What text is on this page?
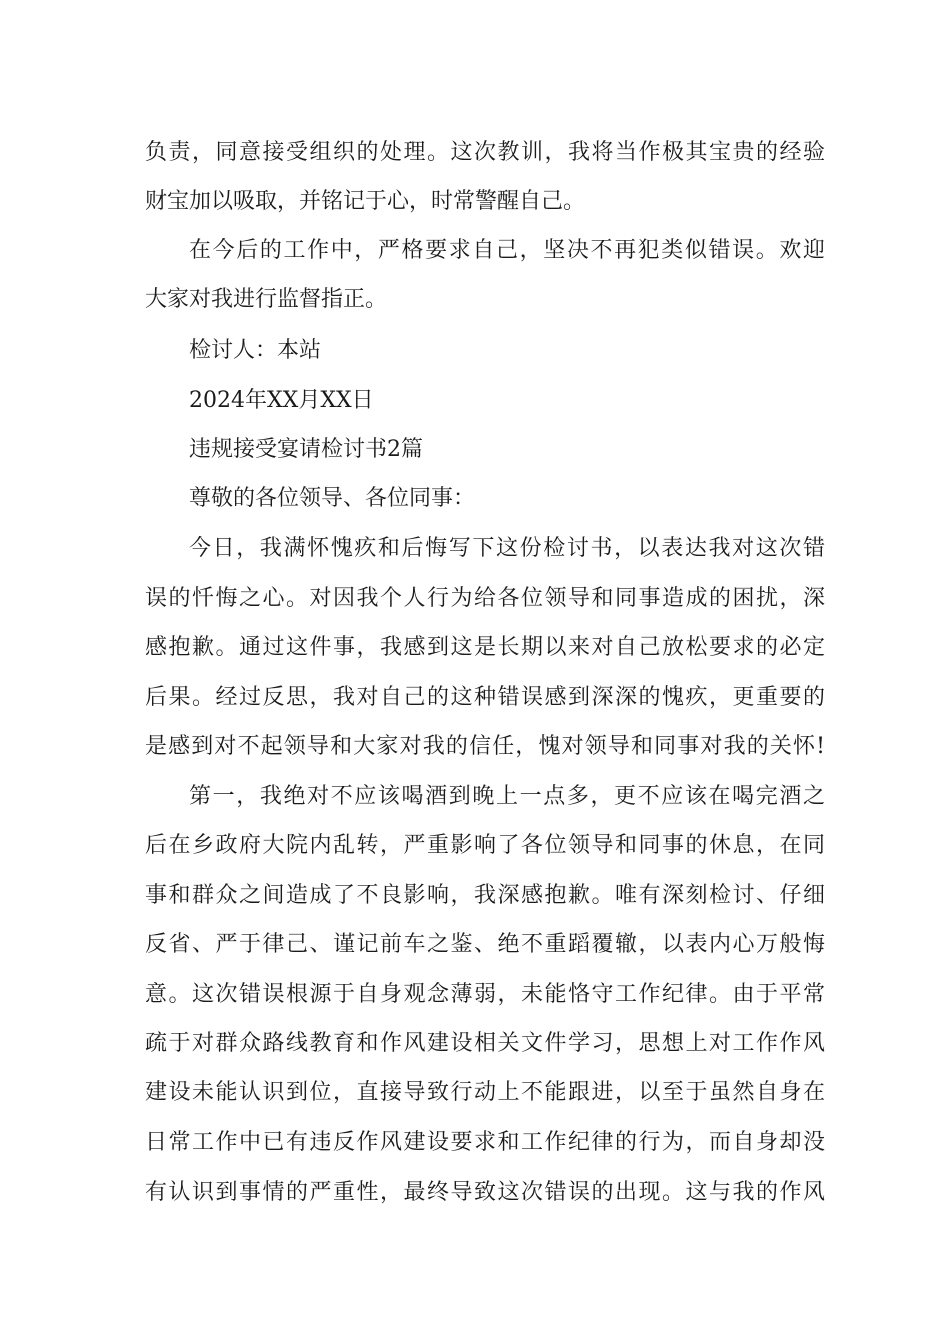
负责，同意接受组织的处理。这次教训，我将当作极其宝贵的经验
财宝加以吸取，并铭记于心，时常警醒自己。
在今后的工作中，严格要求自己，坚决不再犯类似错误。欢迎
大家对我进行监督指正。
检讨人：本站
2024年XX月XX日
违规接受宴请检讨书2篇
尊敬的各位领导、各位同事：
今日，我满怀愧疚和后悔写下这份检讨书，以表达我对这次错
误的忏悔之心。对因我个人行为给各位领导和同事造成的困扰，深
感抱歉。通过这件事，我感到这是长期以来对自己放松要求的必定
后果。经过反思，我对自己的这种错误感到深深的愧疚，更重要的
是感到对不起领导和大家对我的信任，愧对领导和同事对我的关怀!
第一，我绝对不应该喝酒到晚上一点多，更不应该在喝完酒之
后在乡政府大院内乱转，严重影响了各位领导和同事的休息，在同
事和群众之间造成了不良影响，我深感抱歉。唯有深刻检讨、仔细
反省、严于律己、谨记前车之鉴、绝不重蹈覆辙，以表内心万般悔
意。这次错误根源于自身观念薄弱，未能恪守工作纪律。由于平常
疏于对群众路线教育和作风建设相关文件学习，思想上对工作作风
建设未能认识到位，直接导致行动上不能跟进，以至于虽然自身在
日常工作中已有违反作风建设要求和工作纪律的行为，而自身却没
有认识到事情的严重性，最终导致这次错误的出现。这与我的作风
